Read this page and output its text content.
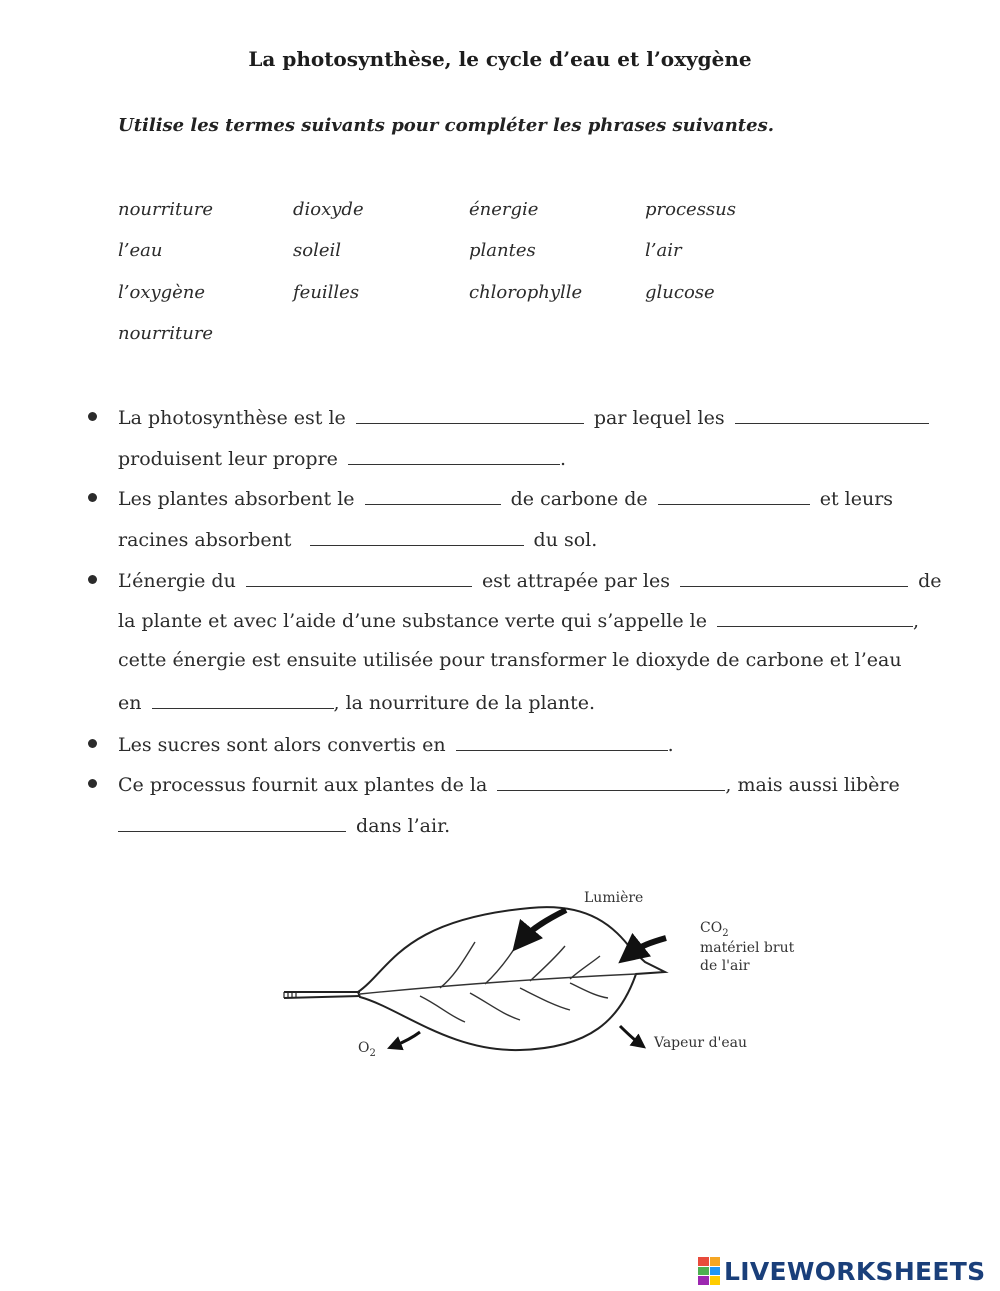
La photosynthèse, le cycle d’eau et l’oxygène
Utilise les termes suivants pour compléter les phrases suivantes.
nourriture	dioxyde	énergie	processus
l’eau	soleil	plantes	l’air
l’oxygène	feuilles	chlorophylle	glucose
nourriture
La photosynthèse est le	par lequel les
produisent leur propre	.
Les plantes absorbent le	de carbone de	et leurs
racines absorbent	du sol.
L’énergie du	est attrapée par les	de
la plante et avec l’aide d’une substance verte qui s’appelle le	,
cette énergie est ensuite utilisée pour transformer le dioxyde de carbone et l’eau
en	, la nourriture de la plante.
Les sucres sont alors convertis en	.
Ce processus fournit aux plantes de la	, mais aussi libère
dans l’air.
Lumière
$CO_2$
matériel brut
de l'air
$O_2$
Vapeur d'eau
LIVEWORKSHEETS
